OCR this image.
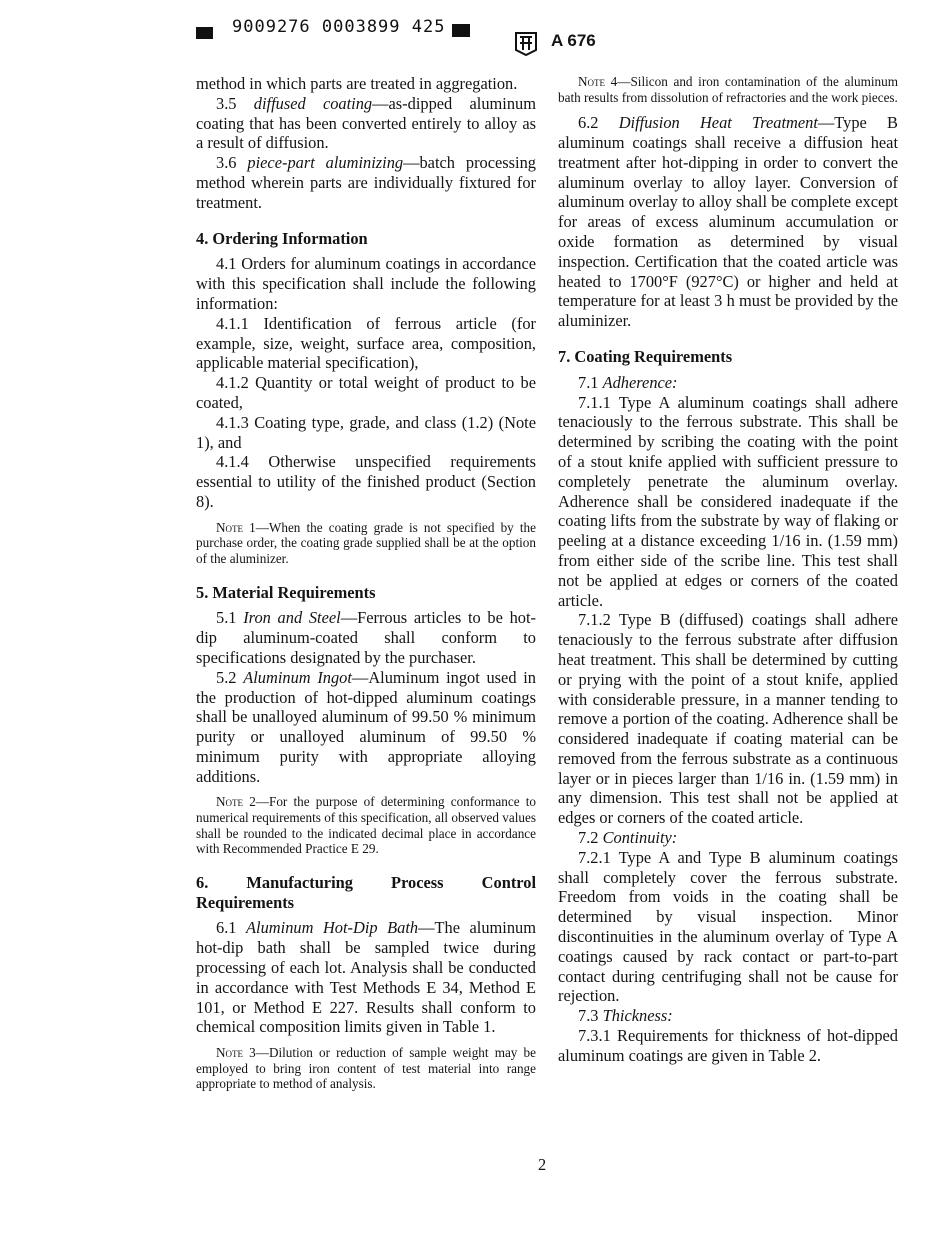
9009276 0003899 425
A 676

method in which parts are treated in aggregation.

3.5 diffused coating—as-dipped aluminum coating that has been converted entirely to alloy as a result of diffusion.

3.6 piece-part aluminizing—batch processing method wherein parts are individually fixtured for treatment.

4. Ordering Information

4.1 Orders for aluminum coatings in accordance with this specification shall include the following information:

4.1.1 Identification of ferrous article (for example, size, weight, surface area, composition, applicable material specification),

4.1.2 Quantity or total weight of product to be coated,

4.1.3 Coating type, grade, and class (1.2) (Note 1), and

4.1.4 Otherwise unspecified requirements essential to utility of the finished product (Section 8).

Note 1—When the coating grade is not specified by the purchase order, the coating grade supplied shall be at the option of the aluminizer.

5. Material Requirements

5.1 Iron and Steel—Ferrous articles to be hot-dip aluminum-coated shall conform to specifications designated by the purchaser.

5.2 Aluminum Ingot—Aluminum ingot used in the production of hot-dipped aluminum coatings shall be unalloyed aluminum of 99.50 % minimum purity or unalloyed aluminum of 99.50 % minimum purity with appropriate alloying additions.

Note 2—For the purpose of determining conformance to numerical requirements of this specification, all observed values shall be rounded to the indicated decimal place in accordance with Recommended Practice E 29.

6. Manufacturing Process Control Requirements

6.1 Aluminum Hot-Dip Bath—The aluminum hot-dip bath shall be sampled twice during processing of each lot. Analysis shall be conducted in accordance with Test Methods E 34, Method E 101, or Method E 227. Results shall conform to chemical composition limits given in Table 1.

Note 3—Dilution or reduction of sample weight may be employed to bring iron content of test material into range appropriate to method of analysis.

Note 4—Silicon and iron contamination of the aluminum bath results from dissolution of refractories and the work pieces.

6.2 Diffusion Heat Treatment—Type B aluminum coatings shall receive a diffusion heat treatment after hot-dipping in order to convert the aluminum overlay to alloy layer. Conversion of aluminum overlay to alloy shall be complete except for areas of excess aluminum accumulation or oxide formation as determined by visual inspection. Certification that the coated article was heated to 1700°F (927°C) or higher and held at temperature for at least 3 h must be provided by the aluminizer.

7. Coating Requirements

7.1 Adherence:

7.1.1 Type A aluminum coatings shall adhere tenaciously to the ferrous substrate. This shall be determined by scribing the coating with the point of a stout knife applied with sufficient pressure to completely penetrate the aluminum overlay. Adherence shall be considered inadequate if the coating lifts from the substrate by way of flaking or peeling at a distance exceeding 1/16 in. (1.59 mm) from either side of the scribe line. This test shall not be applied at edges or corners of the coated article.

7.1.2 Type B (diffused) coatings shall adhere tenaciously to the ferrous substrate after diffusion heat treatment. This shall be determined by cutting or prying with the point of a stout knife, applied with considerable pressure, in a manner tending to remove a portion of the coating. Adherence shall be considered inadequate if coating material can be removed from the ferrous substrate as a continuous layer or in pieces larger than 1/16 in. (1.59 mm) in any dimension. This test shall not be applied at edges or corners of the coated article.

7.2 Continuity:

7.2.1 Type A and Type B aluminum coatings shall completely cover the ferrous substrate. Freedom from voids in the coating shall be determined by visual inspection. Minor discontinuities in the aluminum overlay of Type A coatings caused by rack contact or part-to-part contact during centrifuging shall not be cause for rejection.

7.3 Thickness:

7.3.1 Requirements for thickness of hot-dipped aluminum coatings are given in Table 2.

2
